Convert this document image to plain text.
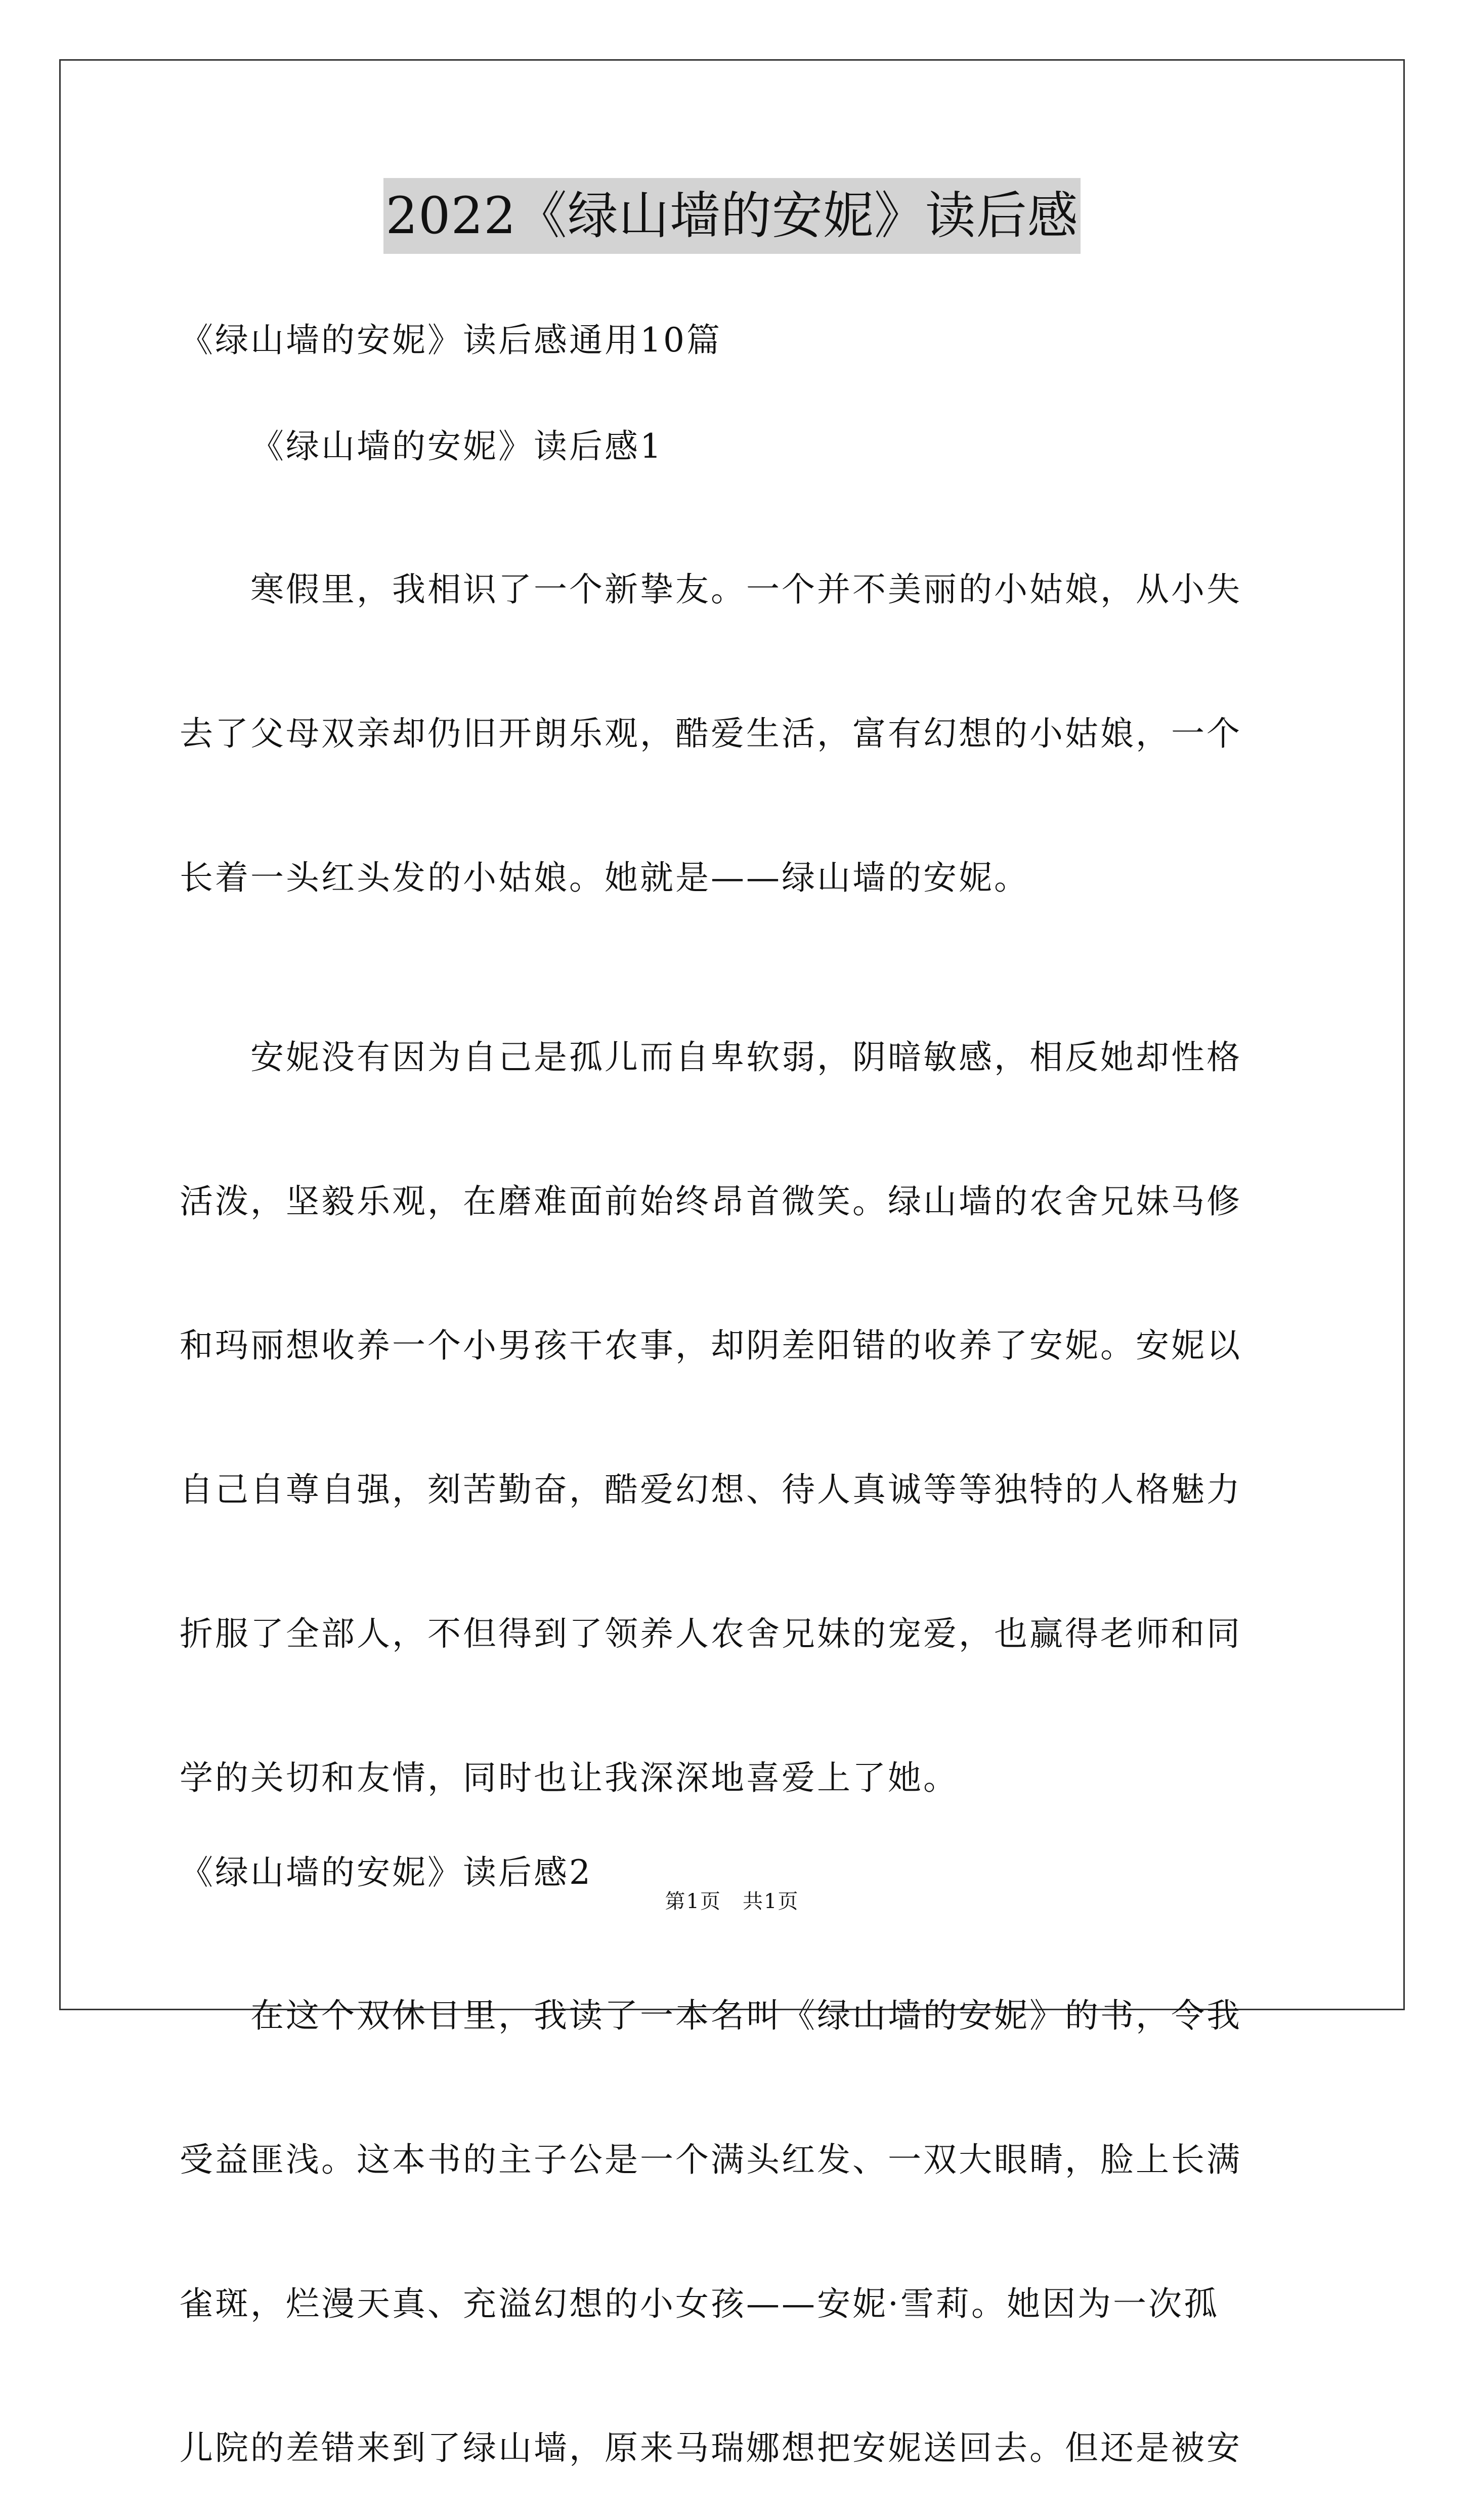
2022《绿山墙的安妮》读后感

《绿山墙的安妮》读后感通用10篇

《绿山墙的安妮》读后感1

寒假里，我相识了一个新挚友。一个并不美丽的小姑娘，从小失
去了父母双亲却仍旧开朗乐观，酷爱生活，富有幻想的小姑娘，一个
长着一头红头发的小姑娘。她就是——绿山墙的安妮。
安妮没有因为自己是孤儿而自卑软弱，阴暗敏感，相反她却性格
活泼，坚毅乐观，在磨难面前始终昂首微笑。绿山墙的农舍兄妹马修
和玛丽想收养一个小男孩干农事，却阴差阳错的收养了安妮。安妮以
自己自尊自强，刻苦勤奋，酷爱幻想、待人真诚等等独特的人格魅力
折服了全部人，不但得到了领养人农舍兄妹的宠爱，也赢得老师和同
学的关切和友情，同时也让我深深地喜爱上了她。

《绿山墙的安妮》读后感2

在这个双休日里，我读了一本名叫《绿山墙的安妮》的书，令我
受益匪浅。这本书的主子公是一个满头红发、一双大眼睛，脸上长满
雀斑，烂漫天真、充溢幻想的小女孩——安妮·雪莉。她因为一次孤
儿院的差错来到了绿山墙，原来马瑞娜想把安妮送回去。但还是被安
第1页　共1页
